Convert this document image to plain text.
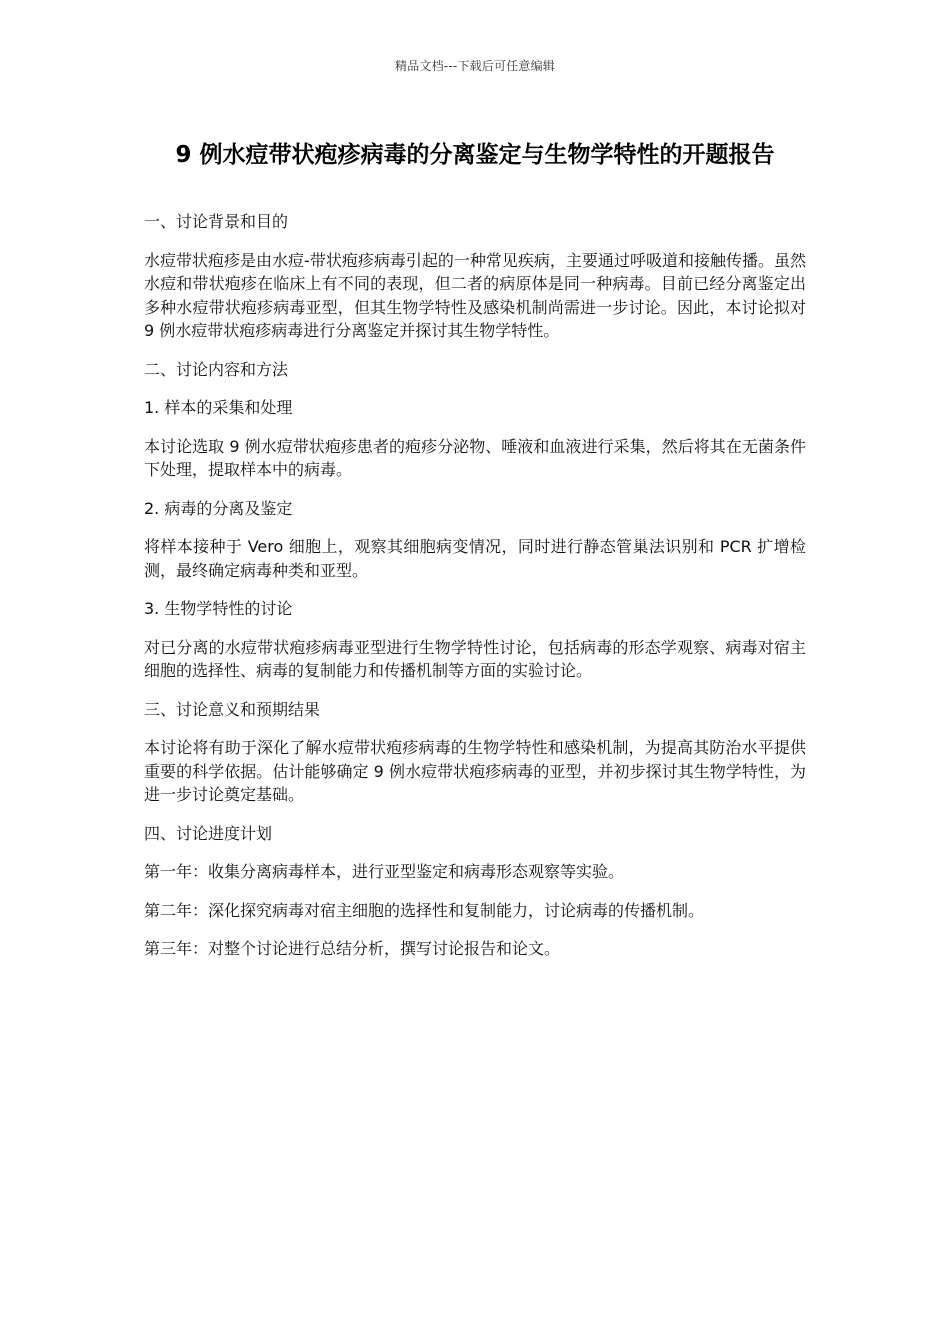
精品文档---下载后可任意编辑
9 例水痘带状疱疹病毒的分离鉴定与生物学特性的开题报告

一、讨论背景和目的

水痘带状疱疹是由水痘-带状疱疹病毒引起的一种常见疾病，主要通过呼吸道和接触传播。虽然水痘和带状疱疹在临床上有不同的表现，但二者的病原体是同一种病毒。目前已经分离鉴定出多种水痘带状疱疹病毒亚型，但其生物学特性及感染机制尚需进一步讨论。因此，本讨论拟对 9 例水痘带状疱疹病毒进行分离鉴定并探讨其生物学特性。

二、讨论内容和方法

1. 样本的采集和处理

本讨论选取 9 例水痘带状疱疹患者的疱疹分泌物、唾液和血液进行采集，然后将其在无菌条件下处理，提取样本中的病毒。

2. 病毒的分离及鉴定

将样本接种于 Vero 细胞上，观察其细胞病变情况，同时进行静态管巢法识别和 PCR 扩增检测，最终确定病毒种类和亚型。

3. 生物学特性的讨论

对已分离的水痘带状疱疹病毒亚型进行生物学特性讨论，包括病毒的形态学观察、病毒对宿主细胞的选择性、病毒的复制能力和传播机制等方面的实验讨论。

三、讨论意义和预期结果

本讨论将有助于深化了解水痘带状疱疹病毒的生物学特性和感染机制，为提高其防治水平提供重要的科学依据。估计能够确定 9 例水痘带状疱疹病毒的亚型，并初步探讨其生物学特性，为进一步讨论奠定基础。

四、讨论进度计划

第一年：收集分离病毒样本，进行亚型鉴定和病毒形态观察等实验。

第二年：深化探究病毒对宿主细胞的选择性和复制能力，讨论病毒的传播机制。

第三年：对整个讨论进行总结分析，撰写讨论报告和论文。
